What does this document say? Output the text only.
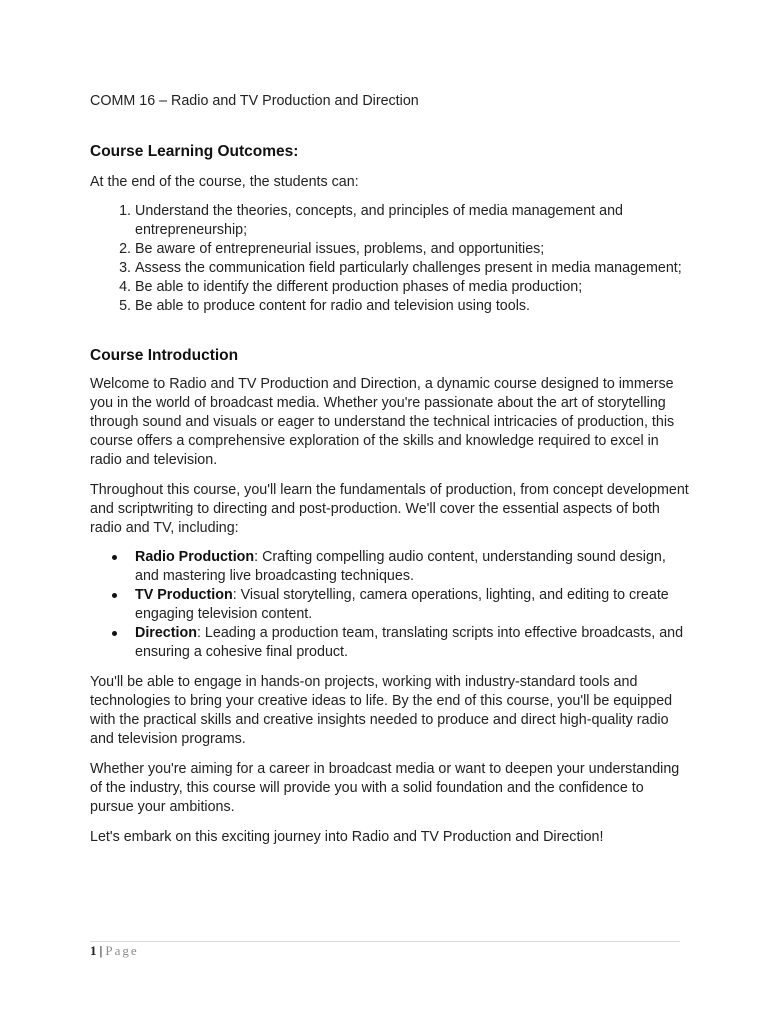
COMM 16 – Radio and TV Production and Direction

Course Learning Outcomes:

At the end of the course, the students can:

1. Understand the theories, concepts, and principles of media management and entrepreneurship;
2. Be aware of entrepreneurial issues, problems, and opportunities;
3. Assess the communication field particularly challenges present in media management;
4. Be able to identify the different production phases of media production;
5. Be able to produce content for radio and television using tools.
Course Introduction

Welcome to Radio and TV Production and Direction, a dynamic course designed to immerse you in the world of broadcast media. Whether you're passionate about the art of storytelling through sound and visuals or eager to understand the technical intricacies of production, this course offers a comprehensive exploration of the skills and knowledge required to excel in radio and television.

Throughout this course, you'll learn the fundamentals of production, from concept development and scriptwriting to directing and post-production. We'll cover the essential aspects of both radio and TV, including:

Radio Production: Crafting compelling audio content, understanding sound design, and mastering live broadcasting techniques.
TV Production: Visual storytelling, camera operations, lighting, and editing to create engaging television content.
Direction: Leading a production team, translating scripts into effective broadcasts, and ensuring a cohesive final product.

You'll be able to engage in hands-on projects, working with industry-standard tools and technologies to bring your creative ideas to life. By the end of this course, you'll be equipped with the practical skills and creative insights needed to produce and direct high-quality radio and television programs.

Whether you're aiming for a career in broadcast media or want to deepen your understanding of the industry, this course will provide you with a solid foundation and the confidence to pursue your ambitions.

Let's embark on this exciting journey into Radio and TV Production and Direction!

1 | Page
